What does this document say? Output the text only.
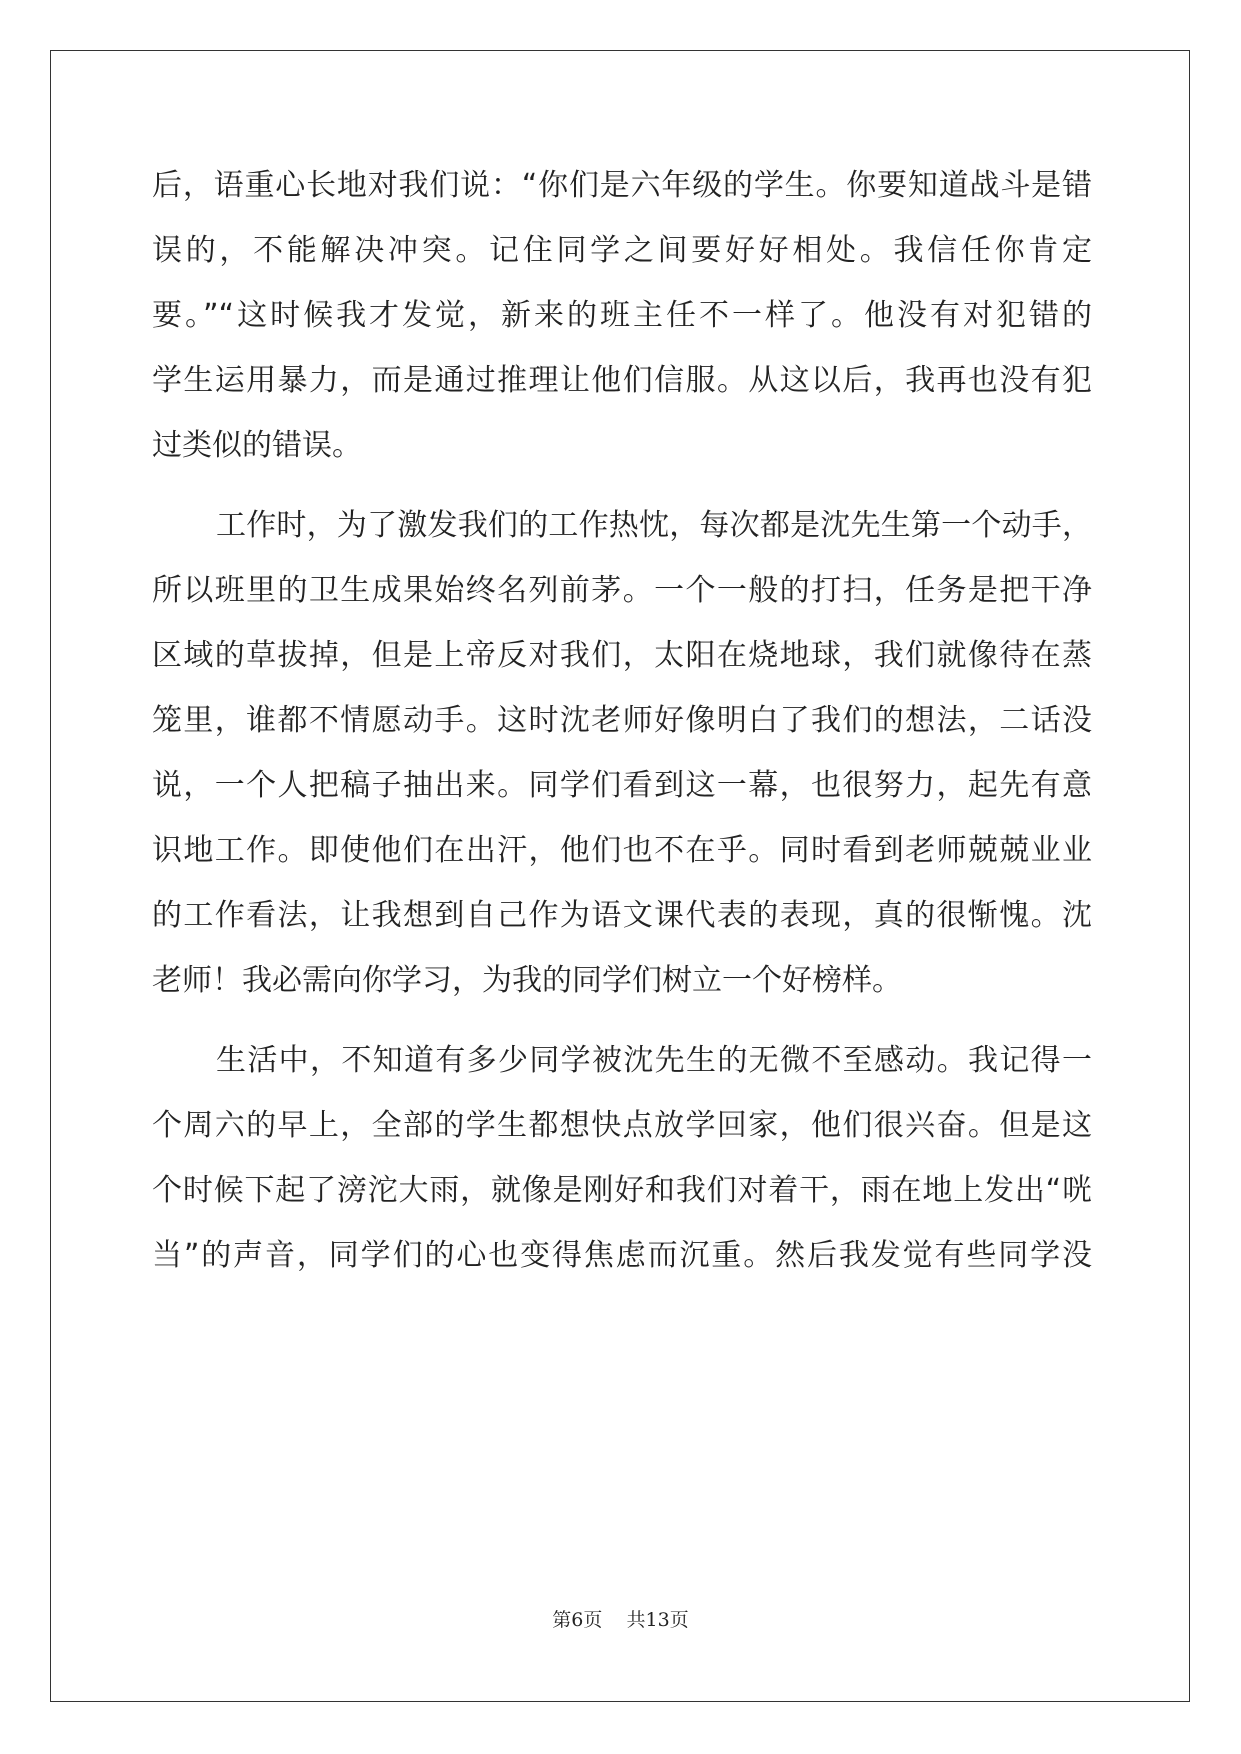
后，语重心长地对我们说：“你们是六年级的学生。你要知道战斗是错
误的，不能解决冲突。记住同学之间要好好相处。我信任你肯定
要。”“这时候我才发觉，新来的班主任不一样了。他没有对犯错的
学生运用暴力，而是通过推理让他们信服。从这以后，我再也没有犯
过类似的错误。
工作时，为了激发我们的工作热忱，每次都是沈先生第一个动手，
所以班里的卫生成果始终名列前茅。一个一般的打扫，任务是把干净
区域的草拔掉，但是上帝反对我们，太阳在烧地球，我们就像待在蒸
笼里，谁都不情愿动手。这时沈老师好像明白了我们的想法，二话没
说，一个人把稿子抽出来。同学们看到这一幕，也很努力，起先有意
识地工作。即使他们在出汗，他们也不在乎。同时看到老师兢兢业业
的工作看法，让我想到自己作为语文课代表的表现，真的很惭愧。沈
老师！我必需向你学习，为我的同学们树立一个好榜样。
生活中，不知道有多少同学被沈先生的无微不至感动。我记得一
个周六的早上，全部的学生都想快点放学回家，他们很兴奋。但是这
个时候下起了滂沱大雨，就像是刚好和我们对着干，雨在地上发出“咣
当”的声音，同学们的心也变得焦虑而沉重。然后我发觉有些同学没
第6页 共13页
